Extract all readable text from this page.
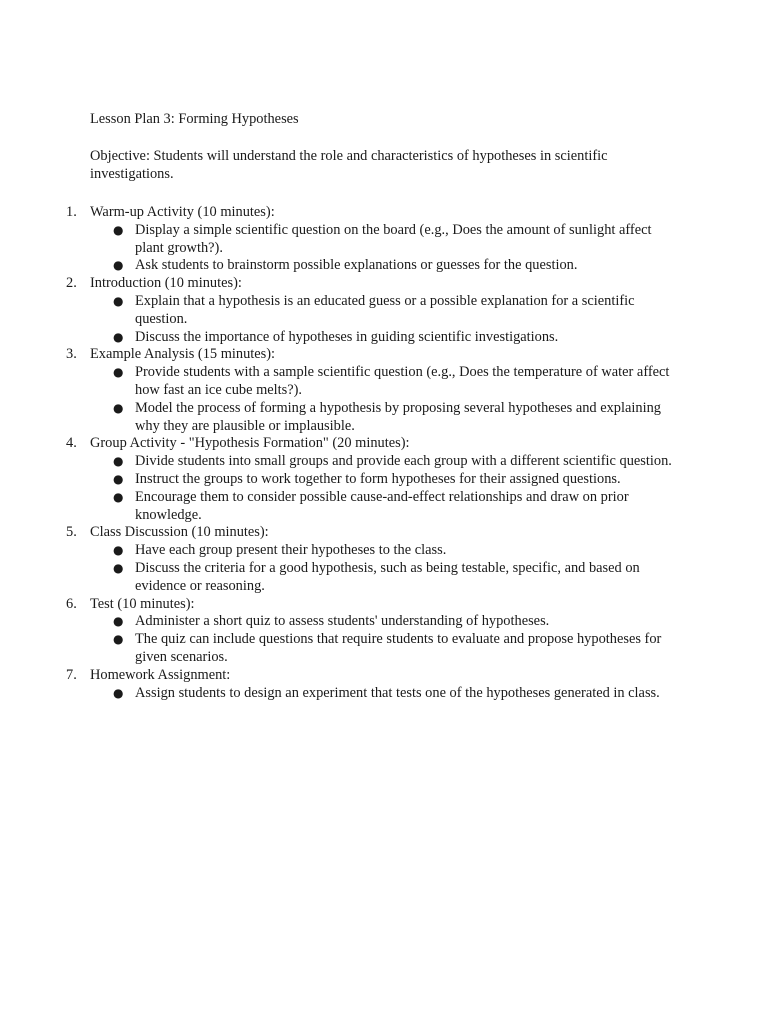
Lesson Plan 3: Forming Hypotheses
Objective: Students will understand the role and characteristics of hypotheses in scientific investigations.
1. Warm-up Activity (10 minutes):
● Display a simple scientific question on the board (e.g., Does the amount of sunlight affect plant growth?).
● Ask students to brainstorm possible explanations or guesses for the question.
2. Introduction (10 minutes):
● Explain that a hypothesis is an educated guess or a possible explanation for a scientific question.
● Discuss the importance of hypotheses in guiding scientific investigations.
3. Example Analysis (15 minutes):
● Provide students with a sample scientific question (e.g., Does the temperature of water affect how fast an ice cube melts?).
● Model the process of forming a hypothesis by proposing several hypotheses and explaining why they are plausible or implausible.
4. Group Activity - "Hypothesis Formation" (20 minutes):
● Divide students into small groups and provide each group with a different scientific question.
● Instruct the groups to work together to form hypotheses for their assigned questions.
● Encourage them to consider possible cause-and-effect relationships and draw on prior knowledge.
5. Class Discussion (10 minutes):
● Have each group present their hypotheses to the class.
● Discuss the criteria for a good hypothesis, such as being testable, specific, and based on evidence or reasoning.
6. Test (10 minutes):
● Administer a short quiz to assess students' understanding of hypotheses.
● The quiz can include questions that require students to evaluate and propose hypotheses for given scenarios.
7. Homework Assignment:
● Assign students to design an experiment that tests one of the hypotheses generated in class.
